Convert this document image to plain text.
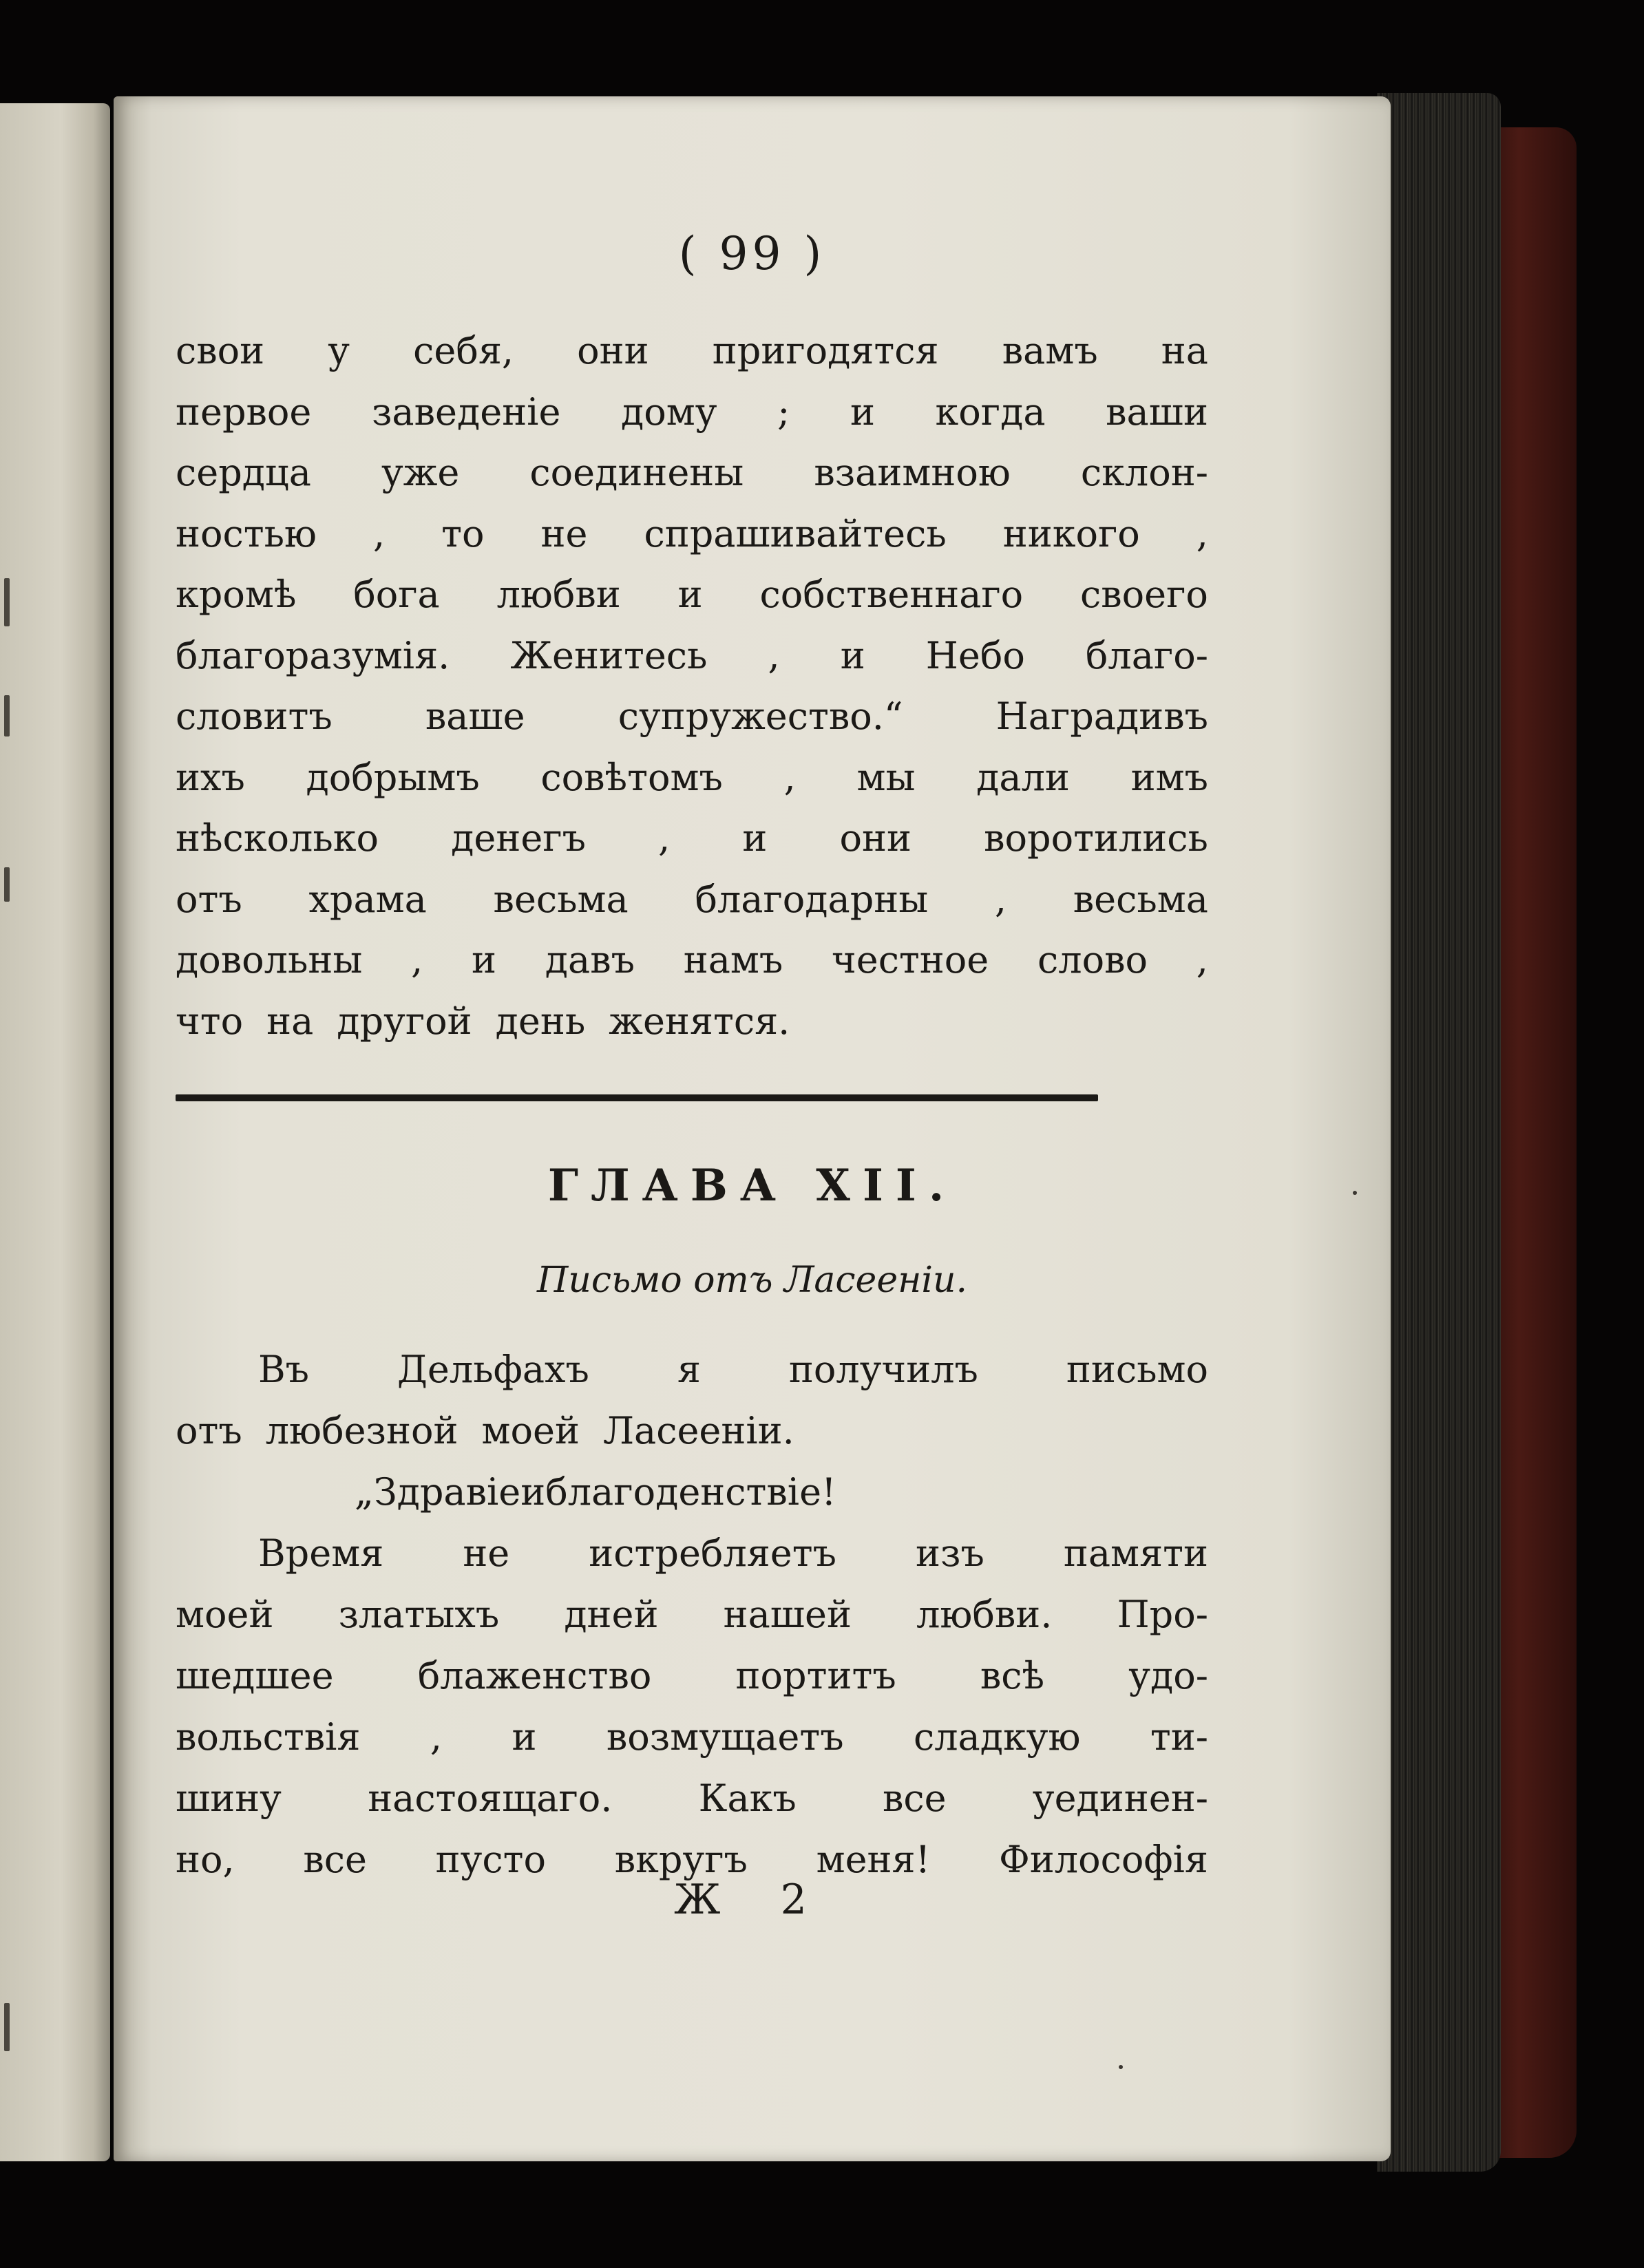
( 99 )
свои у себя, они пригодятся вамъ на
первое заведеніе дому ; и когда ваши
сердца уже соединены взаимною склон-
ностью , то не спрашивайтесь никого ,
кромѣ бога любви и собственнаго своего
благоразумія. Женитесь , и Небо благо-
словитъ	ваше	супружество.“	Наградивъ
ихъ добрымъ совѣтомъ , мы дали имъ
нѣсколько денегъ , и они воротились
отъ храма весьма благодарны , весьма
довольны , и давъ намъ честное слово ,
что на другой день женятся.
ГЛАВА XII.
Письмо отъ Ласееніи.
Въ Дельфахъ я получилъ письмо
отъ любезной моей Ласееніи.
„Здравіе и благоденствіе !
Время не истребляетъ изъ памяти
моей златыхъ дней нашей любви. Про-
шедшее блаженство портитъ всѣ удо-
вольствія , и возмущаетъ сладкую ти-
шину настоящаго. Какъ все уединен-
но, все пусто вкругъ меня! Философія
Ж 2
